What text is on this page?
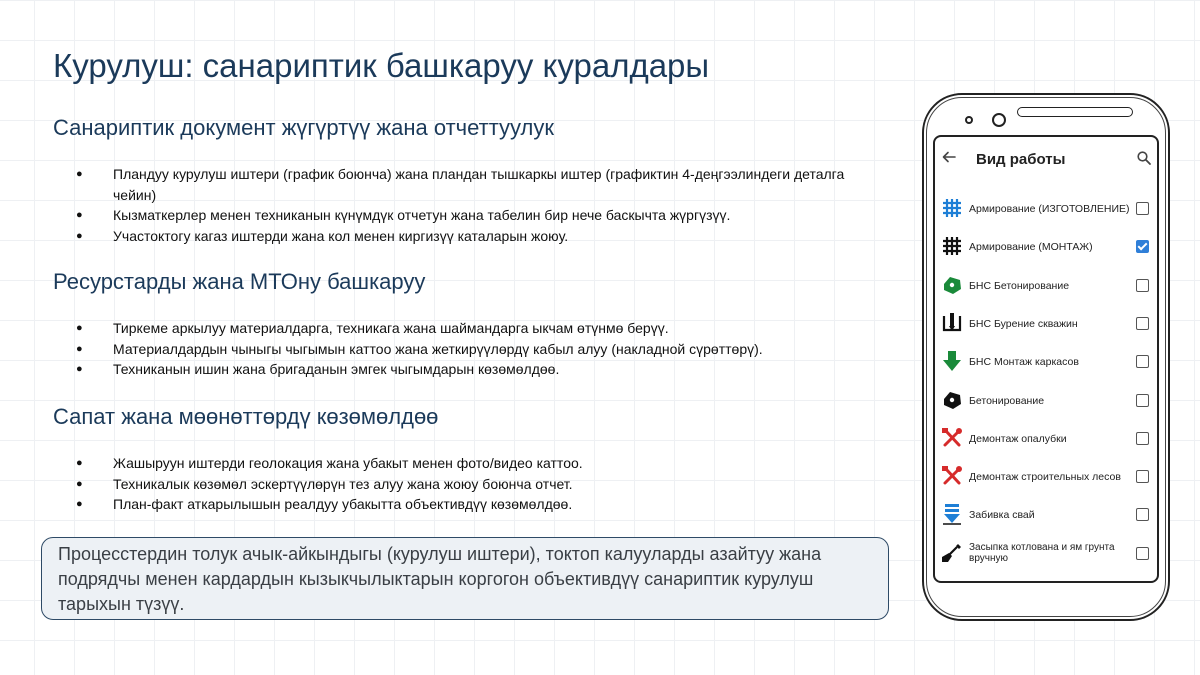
Курулуш: санариптик башкаруу куралдары
Санариптик документ жүгүртүү жана отчеттуулук
● Пландуу курулуш иштери (график боюнча) жана пландан тышкаркы иштер (графиктин 4-деңгээлиндеги деталга чейин)
● Кызматкерлер менен техниканын күнүмдүк отчетун жана табелин бир нече баскычта жүргүзүү.
● Участоктогу кагаз иштерди жана кол менен киргизүү каталарын жоюу.
Ресурстарды жана МТОну башкаруу
● Тиркеме аркылуу материалдарга, техникага жана шаймандарга ыкчам өтүнмө берүү.
● Материалдардын чыныгы чыгымын каттоо жана жеткирүүлөрдү кабыл алуу (накладной сүрөттөрү).
● Техниканын ишин жана бригаданын эмгек чыгымдарын көзөмөлдөө.
Сапат жана мөөнөттөрдү көзөмөлдөө
● Жашыруун иштерди геолокация жана убакыт менен фото/видео каттоо.
● Техникалык көзөмөл эскертүүлөрүн тез алуу жана жоюу боюнча отчет.
● План-факт аткарылышын реалдуу убакытта объективдүү көзөмөлдөө.
Процесстердин толук ачык-айкындыгы (курулуш иштери), токтоп калууларды азайтуу жана подрядчы менен кардардын кызыкчылыктарын коргогон объективдүү санариптик курулуш тарыхын түзүү.
Вид работы
Армирование (ИЗГОТОВЛЕНИЕ)
Армирование (МОНТАЖ)
БНС Бетонирование
БНС Бурение скважин
БНС Монтаж каркасов
Бетонирование
Демонтаж опалубки
Демонтаж строительных лесов
Забивка свай
Засыпка котлована и ям грунта вручную
